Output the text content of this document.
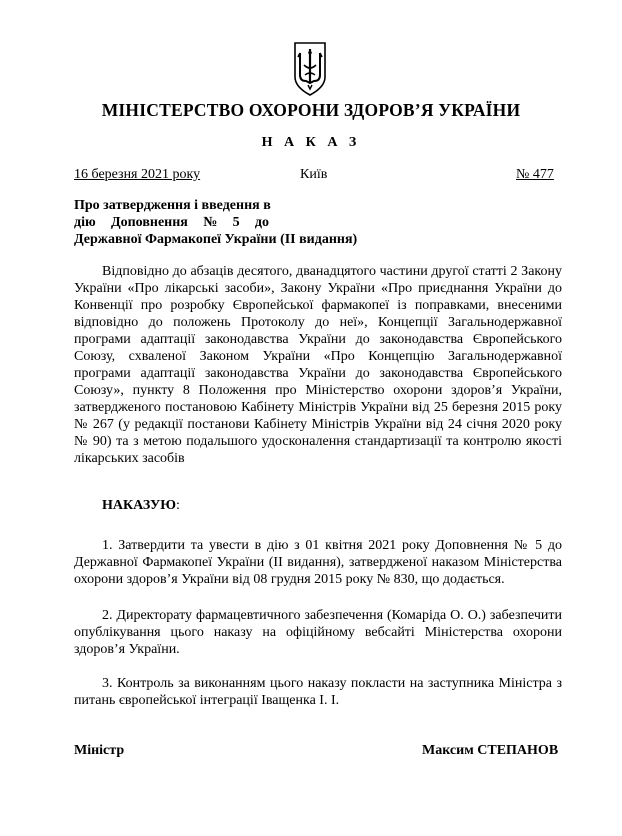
МІНІСТЕРСТВО ОХОРОНИ ЗДОРОВ’Я УКРАЇНИ
Н А К А З
16 березня 2021 року	Київ	№ 477
Про затвердження і введення в
дію Доповнення № 5 до
Державної Фармакопеї України (ІІ видання)
Відповідно до абзаців десятого, дванадцятого частини другої статті 2 Закону України «Про лікарські засоби», Закону України «Про приєднання України до Конвенції про розробку Європейської фармакопеї із поправками, внесеними відповідно до положень Протоколу до неї», Концепції Загальнодержавної програми адаптації законодавства України до законодавства Європейського Союзу, схваленої Законом України «Про Концепцію Загальнодержавної програми адаптації законодавства України до законодавства Європейського Союзу», пункту 8 Положення про Міністерство охорони здоров’я України, затвердженого постановою Кабінету Міністрів України від 25 березня 2015 року № 267 (у редакції постанови Кабінету Міністрів України від 24 січня 2020 року № 90) та з метою подальшого удосконалення стандартизації та контролю якості лікарських засобів
НАКАЗУЮ:
1. Затвердити та увести в дію з 01 квітня 2021 року Доповнення № 5 до Державної Фармакопеї України (ІІ видання), затвердженої наказом Міністерства охорони здоров’я України від 08 грудня 2015 року № 830, що додається.
2. Директорату фармацевтичного забезпечення (Комаріда О. О.) забезпечити опублікування цього наказу на офіційному вебсайті Міністерства охорони здоров’я України.
3. Контроль за виконанням цього наказу покласти на заступника Міністра з питань європейської інтеграції Іващенка І. І.
Міністр	Максим СТЕПАНОВ
